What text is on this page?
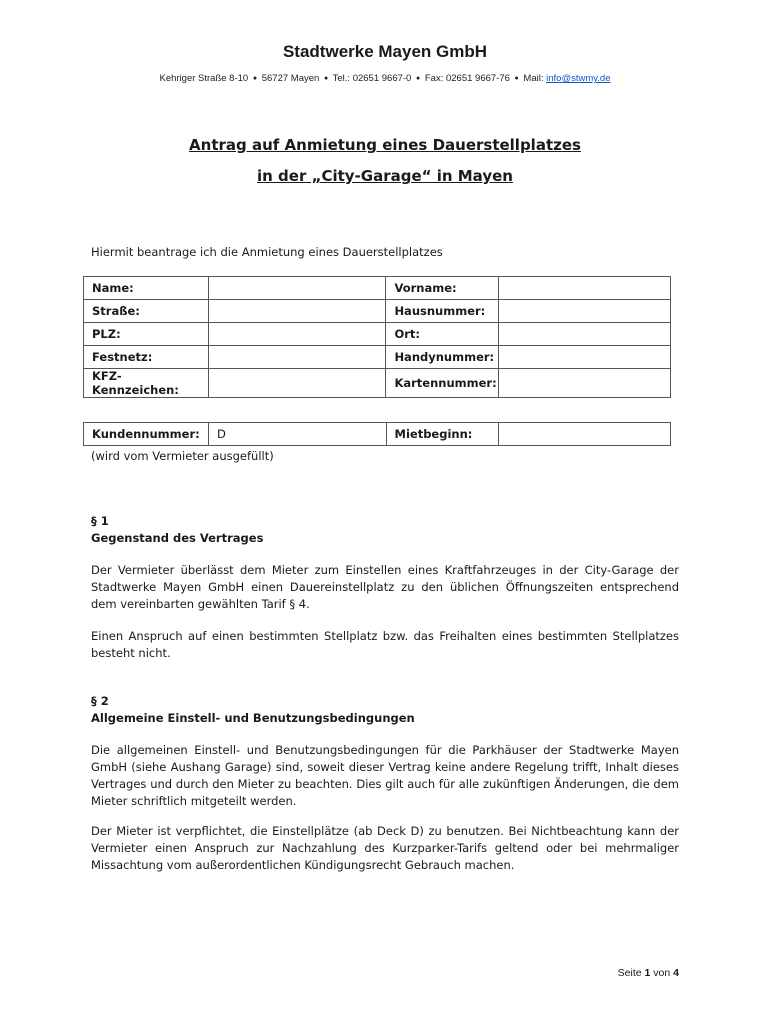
Stadtwerke Mayen GmbH
Kehriger Straße 8-10 ● 56727 Mayen ● Tel.: 02651 9667-0 ● Fax: 02651 9667-76 ● Mail: info@stwmy.de
Antrag auf Anmietung eines Dauerstellplatzes
in der „City-Garage“ in Mayen
Hiermit beantrage ich die Anmietung eines Dauerstellplatzes
Name:		Vorname:	
Straße:		Hausnummer:	
PLZ:		Ort:	
Festnetz:		Handynummer:	
KFZ-Kennzeichen:		Kartennummer:	
Kundennummer:	D	Mietbeginn:	
(wird vom Vermieter ausgefüllt)
§ 1
Gegenstand des Vertrages
Der Vermieter überlässt dem Mieter zum Einstellen eines Kraftfahrzeuges in der City-Garage der Stadtwerke Mayen GmbH einen Dauereinstellplatz zu den üblichen Öffnungszeiten entsprechend dem vereinbarten gewählten Tarif § 4.
Einen Anspruch auf einen bestimmten Stellplatz bzw. das Freihalten eines bestimmten Stellplatzes besteht nicht.
§ 2
Allgemeine Einstell- und Benutzungsbedingungen
Die allgemeinen Einstell- und Benutzungsbedingungen für die Parkhäuser der Stadtwerke Mayen GmbH (siehe Aushang Garage) sind, soweit dieser Vertrag keine andere Regelung trifft, Inhalt dieses Vertrages und durch den Mieter zu beachten. Dies gilt auch für alle zukünftigen Änderungen, die dem Mieter schriftlich mitgeteilt werden.
Der Mieter ist verpflichtet, die Einstellplätze (ab Deck D) zu benutzen. Bei Nichtbeachtung kann der Vermieter einen Anspruch zur Nachzahlung des Kurzparker-Tarifs geltend oder bei mehrmaliger Missachtung vom außerordentlichen Kündigungsrecht Gebrauch machen.
Seite 1 von 4
